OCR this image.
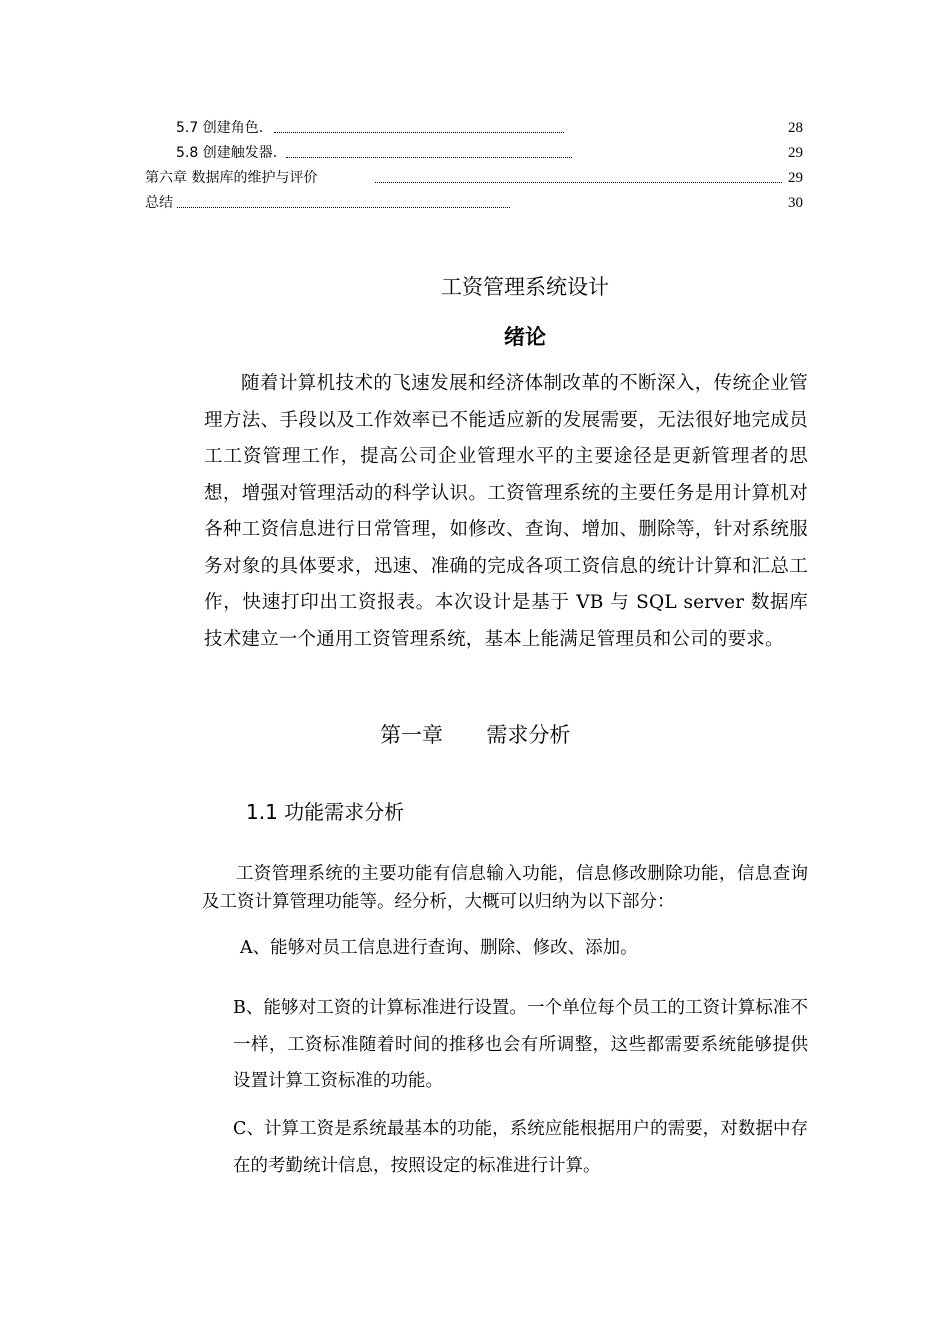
5.7 创建角色.	28
5.8 创建触发器.	29
第六章 数据库的维护与评价	29
总结	30
工资管理系统设计
绪论

随着计算机技术的飞速发展和经济体制改革的不断深入，传统企业管理方法、手段以及工作效率已不能适应新的发展需要，无法很好地完成员工工资管理工作，提高公司企业管理水平的主要途径是更新管理者的思想，增强对管理活动的科学认识。工资管理系统的主要任务是用计算机对各种工资信息进行日常管理，如修改、查询、增加、删除等，针对系统服务对象的具体要求，迅速、准确的完成各项工资信息的统计计算和汇总工作，快速打印出工资报表。本次设计是基于 VB 与 SQL server 数据库技术建立一个通用工资管理系统，基本上能满足管理员和公司的要求。

第一章 需求分析
1.1 功能需求分析

工资管理系统的主要功能有信息输入功能，信息修改删除功能，信息查询及工资计算管理功能等。经分析，大概可以归纳为以下部分：

A、能够对员工信息进行查询、删除、修改、添加。

B、能够对工资的计算标准进行设置。一个单位每个员工的工资计算标准不一样，工资标准随着时间的推移也会有所调整，这些都需要系统能够提供设置计算工资标准的功能。

C、计算工资是系统最基本的功能，系统应能根据用户的需要，对数据中存在的考勤统计信息，按照设定的标准进行计算。
